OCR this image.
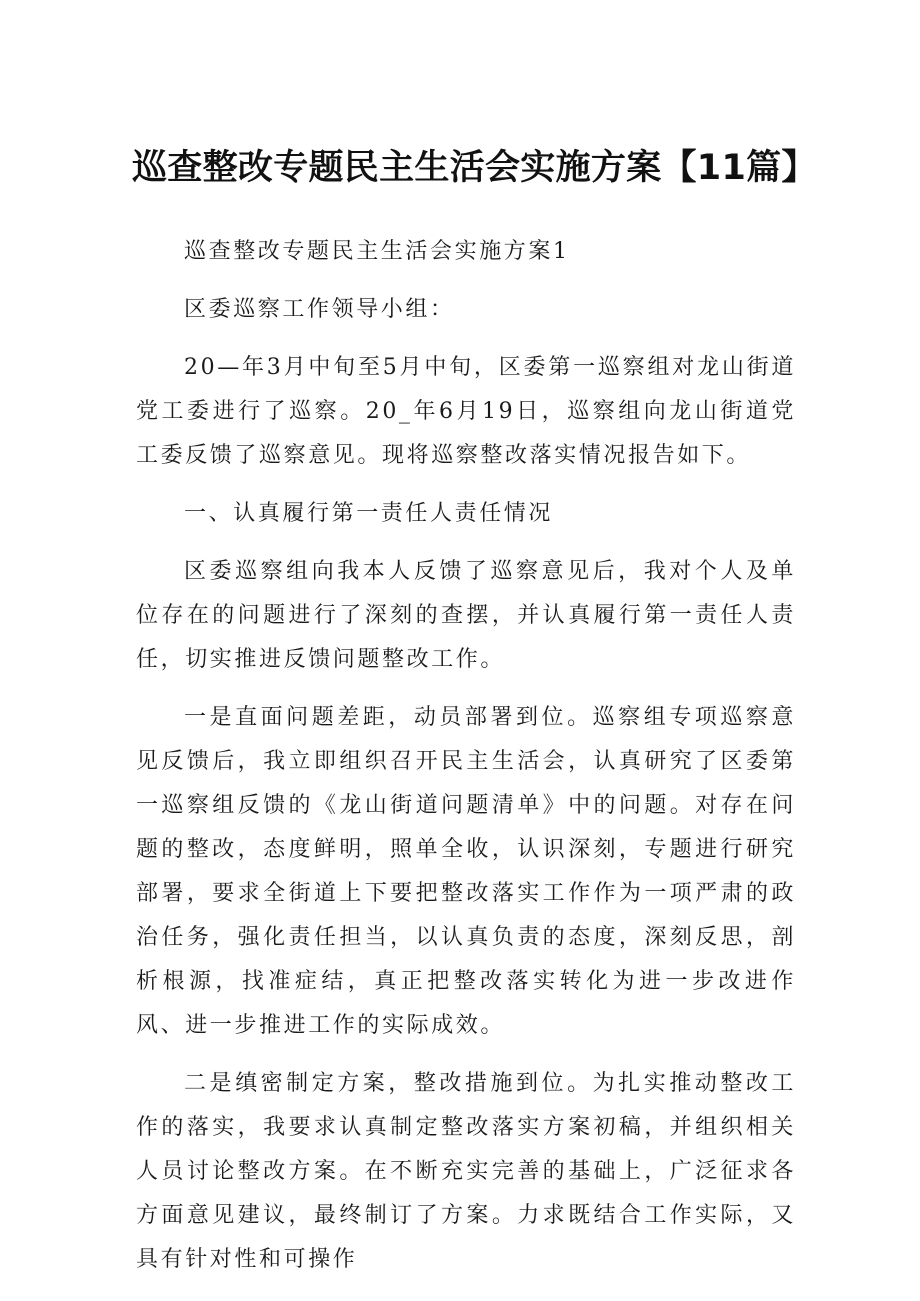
巡查整改专题民主生活会实施方案【11篇】

巡查整改专题民主生活会实施方案1

区委巡察工作领导小组：

20—年3月中旬至5月中旬，区委第一巡察组对龙山街道党工委进行了巡察。20_年6月19日，巡察组向龙山街道党工委反馈了巡察意见。现将巡察整改落实情况报告如下。

一、认真履行第一责任人责任情况

区委巡察组向我本人反馈了巡察意见后，我对个人及单位存在的问题进行了深刻的查摆，并认真履行第一责任人责任，切实推进反馈问题整改工作。

一是直面问题差距，动员部署到位。巡察组专项巡察意见反馈后，我立即组织召开民主生活会，认真研究了区委第一巡察组反馈的《龙山街道问题清单》中的问题。对存在问题的整改，态度鲜明，照单全收，认识深刻，专题进行研究部署，要求全街道上下要把整改落实工作作为一项严肃的政治任务，强化责任担当，以认真负责的态度，深刻反思，剖析根源，找准症结，真正把整改落实转化为进一步改进作风、进一步推进工作的实际成效。

二是缜密制定方案，整改措施到位。为扎实推动整改工作的落实，我要求认真制定整改落实方案初稿，并组织相关人员讨论整改方案。在不断充实完善的基础上，广泛征求各方面意见建议，最终制订了方案。力求既结合工作实际，又具有针对性和可操作
